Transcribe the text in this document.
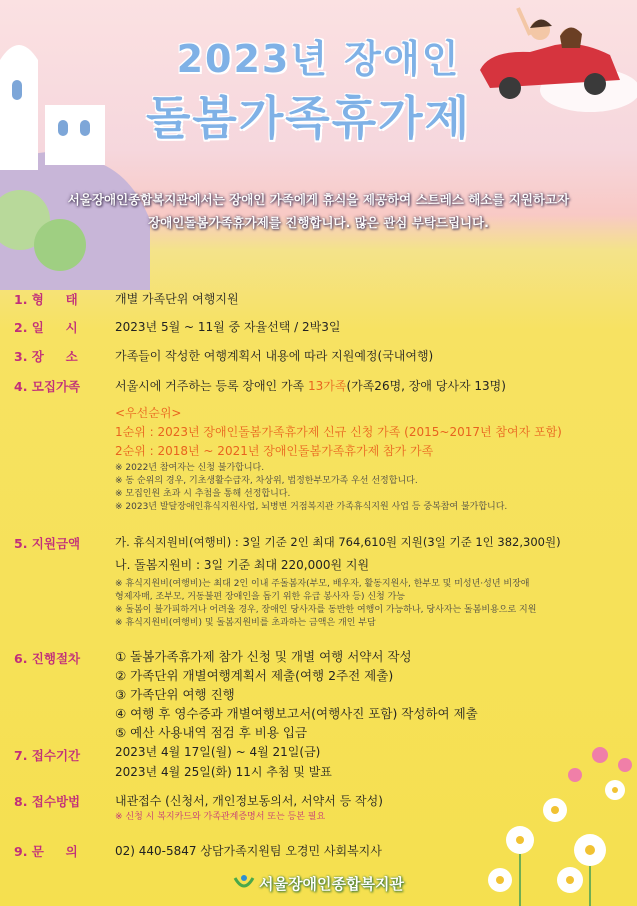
2023년 장애인
돌봄가족휴가제
서울장애인종합복지관에서는 장애인 가족에게 휴식을 제공하여 스트레스 해소를 지원하고자
장애인돌봄가족휴가제를 진행합니다. 많은 관심 부탁드립니다.
1. 형     태	개별 가족단위 여행지원
2. 일     시	2023년 5월 ~ 11월 중 자율선택 / 2박3일
3. 장     소	가족들이 작성한 여행계획서 내용에 따라 지원예정(국내여행)
4. 모집가족	서울시에 거주하는 등록 장애인 가족 13가족(가족26명, 장애 당사자 13명)
<우선순위>
1순위 : 2023년 장애인돌봄가족휴가제 신규 신청 가족 (2015~2017년 참여자 포함)
2순위 : 2018년 ~ 2021년 장애인돌봄가족휴가제 참가 가족
※ 2022년 참여자는 신청 불가합니다.
※ 동 순위의 경우, 기초생활수급자, 차상위, 법정한부모가족 우선 선정합니다.
※ 모집인원 초과 시 추첨을 통해 선정합니다.
※ 2023년 발달장애인휴식지원사업, 뇌병변 거점복지관 가족휴식지원 사업 등 중복참여 불가합니다.
5. 지원금액	가. 휴식지원비(여행비) : 3일 기준 2인 최대 764,610원 지원(3일 기준 1인 382,300원)
나. 돌봄지원비 : 3일 기준 최대 220,000원 지원
※ 휴식지원비(여행비)는 최대 2인 이내 주돌봄자(부모, 배우자, 활동지원사, 한부모 및 미성년·성년 비장애
형제자매, 조부모, 거동불편 장애인을 돕기 위한 유급 봉사자 등) 신청 가능
※ 돌봄이 불가피하거나 어려울 경우, 장애인 당사자를 동반한 여행이 가능하나, 당사자는 돌봄비용으로 지원
※ 휴식지원비(여행비) 및 돌봄지원비를 초과하는 금액은 개인 부담
6. 진행절차	① 돌봄가족휴가제 참가 신청 및 개별 여행 서약서 작성
② 가족단위 개별여행계획서 제출(여행 2주전 제출)
③ 가족단위 여행 진행
④ 여행 후 영수증과 개별여행보고서(여행사진 포함) 작성하여 제출
⑤ 예산 사용내역 점검 후 비용 입금
7. 접수기간	2023년 4월 17일(월) ~ 4월 21일(금)
2023년 4월 25일(화) 11시 추첨 및 발표
8. 접수방법	내관접수 (신청서, 개인정보동의서, 서약서 등 작성)
※ 신청 시 복지카드와 가족관계증명서 또는 등본 필요
9. 문     의	02) 440-5847 상담가족지원팀 오경민 사회복지사
서울장애인종합복지관
